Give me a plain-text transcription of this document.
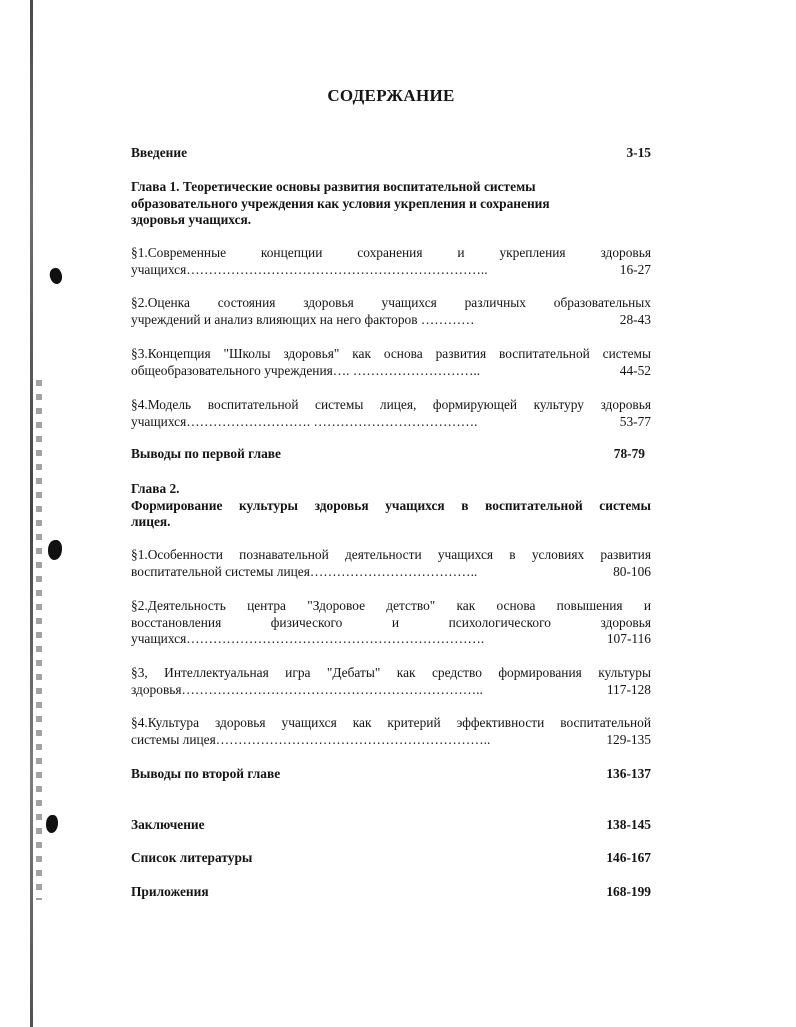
СОДЕРЖАНИЕ
Введение	3-15
Глава 1. Теоретические основы развития воспитательной системы
образовательного учреждения как условия укрепления и сохранения
здоровья учащихся.
§1.Современные концепции сохранения и укрепления здоровья
учащихся…………………………………………………………..	16-27
§2.Оценка состояния здоровья учащихся различных образовательных
учреждений и анализ влияющих на него факторов …………	28-43
§3.Концепция "Школы здоровья" как основа развития воспитательной системы
общеобразовательного учреждения…. ………………………..	44-52
§4.Модель воспитательной системы лицея, формирующей культуру здоровья
учащихся………………………. ……………………………….	53-77
Выводы по первой главе	78-79
Глава 2.
Формирование культуры здоровья учащихся в воспитательной системы
лицея.
§1.Особенности познавательной деятельности учащихся в условиях развития
воспитательной системы лицея………………………………..	80-106
§2.Деятельность центра "Здоровое детство" как основа повышения и
восстановления физического и психологического здоровья
учащихся………………………………………………………….	107-116
§3, Интеллектуальная игра "Дебаты" как средство формирования культуры
здоровья…………………………………………………………..	117-128
§4.Культура здоровья учащихся как критерий эффективности воспитательной
системы лицея……………………………………………………..	129-135
Выводы по второй главе	136-137
Заключение	138-145
Список литературы	146-167
Приложения	168-199
